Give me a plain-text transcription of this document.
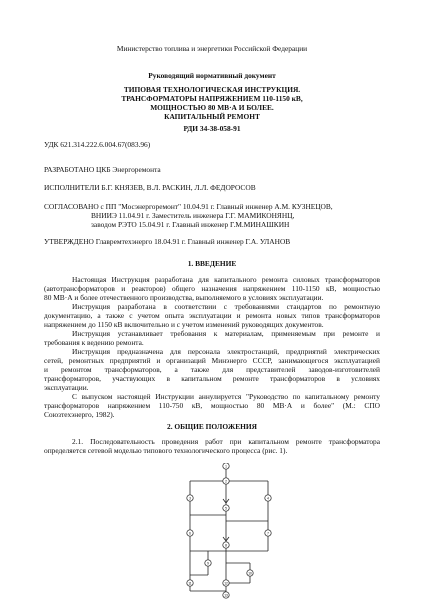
Министерство топлива и энергетики Российской Федерации
Руководящий нормативный документ
ТИПОВАЯ ТЕХНОЛОГИЧЕСКАЯ ИНСТРУКЦИЯ.
ТРАНСФОРМАТОРЫ НАПРЯЖЕНИЕМ 110-1150 кВ,
МОЩНОСТЬЮ 80 МВ·А И БОЛЕЕ.
КАПИТАЛЬНЫЙ РЕМОНТ
РДИ 34-38-058-91
УДК 621.314.222.6.004.67(083.96)
РАЗРАБОТАНО ЦКБ Энергоремонта
ИСПОЛНИТЕЛИ Б.Г. КНЯЗЕВ, В.Л. РАСКИН, Л.Л. ФЕДОРОСОВ
СОГЛАСОВАНО с ПП "Мосэнергоремонт" 10.04.91 г. Главный инженер А.М. КУЗНЕЦОВ,
ВНИИЭ 11.04.91 г. Заместитель инженера Г.Г. МАМИКОНЯНЦ,
заводом РЭТО 15.04.91 г. Главный инженер Г.М.МИНАШКИН
УТВЕРЖДЕНО Главремтехэнерго 18.04.91 г. Главный инженер Г.А. УЛАНОВ
1. ВВЕДЕНИЕ
Настоящая Инструкция разработана для капитального ремонта силовых трансформаторов
(автотрансформаторов и реакторов) общего назначения напряжением 110-1150 кВ, мощностью
80 МВ·А и более отечественного производства, выполняемого в условиях эксплуатации.
Инструкция разработана в соответствии с требованиями стандартов по ремонтную
документацию, а также с учетом опыта эксплуатации и ремонта новых типов трансформаторов
напряжением до 1150 кВ включительно и с учетом изменений руководящих документов.
Инструкция устанавливает требования к материалам, применяемым при ремонте и
требования к ведению ремонта.
Инструкция предназначена для персонала электростанций, предприятий электрических
сетей, ремонтных предприятий и организаций Минэнерго СССР, занимающегося эксплуатацией
и ремонтом трансформаторов, а также для представителей заводов-изготовителей
трансформаторов, участвующих в капитальном ремонте трансформаторов в условиях
эксплуатации.
С выпуском настоящей Инструкции аннулируется "Руководство по капитальному ремонту
трансформаторов напряжением 110-750 кВ, мощностью 80 МВ·А и более" (М.: СПО
Союзтехэнерго, 1982).
2. ОБЩИЕ ПОЛОЖЕНИЯ
2.1. Последовательность проведения работ при капитальном ремонте трансформатора
определяется сетевой моделью типового технологического процесса (рис. 1).
1
2
3	4
5
6	7
8
9
10
11	12
13
